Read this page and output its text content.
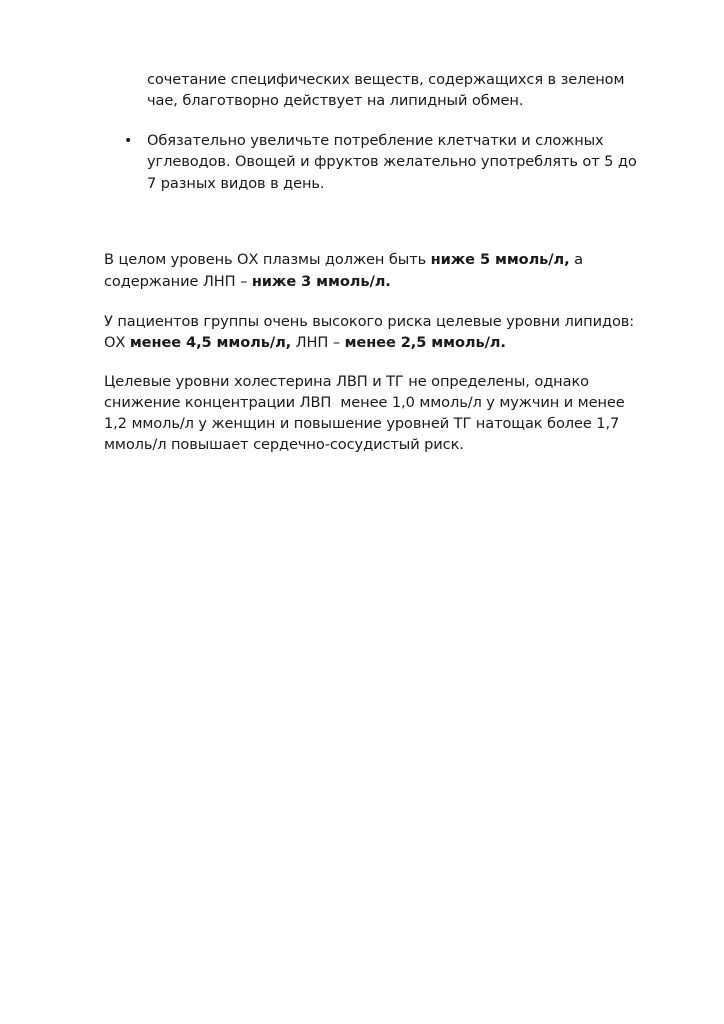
сочетание специфических веществ, содержащихся в зеленом
чае, благотворно действует на липидный обмен.
• Обязательно увеличьте потребление клетчатки и сложных
углеводов. Овощей и фруктов желательно употреблять от 5 до
7 разных видов в день.
В целом уровень ОХ плазмы должен быть ниже 5 ммоль/л, а
содержание ЛНП – ниже 3 ммоль/л.
У пациентов группы очень высокого риска целевые уровни липидов:
ОХ менее 4,5 ммоль/л, ЛНП – менее 2,5 ммоль/л.
Целевые уровни холестерина ЛВП и ТГ не определены, однако
снижение концентрации ЛВП  менее 1,0 ммоль/л у мужчин и менее
1,2 ммоль/л у женщин и повышение уровней ТГ натощак более 1,7
ммоль/л повышает сердечно-сосудистый риск.
